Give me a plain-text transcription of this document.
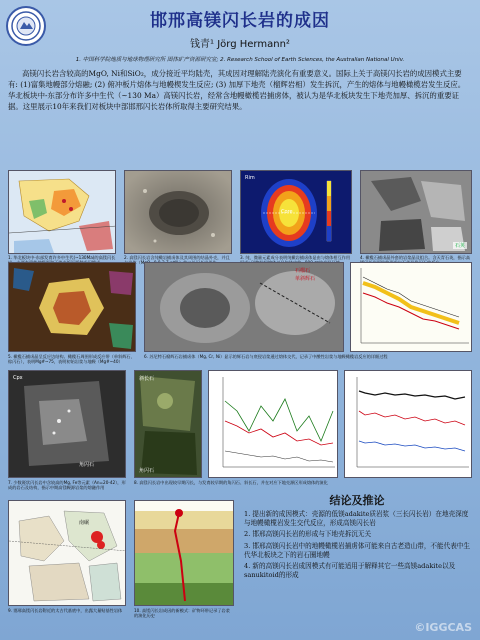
邯邢高镁闪长岩的成因
钱青¹ Jörg Hermann²
1. 中国科学院地质与地球物理研究所 固体矿产资源研究室; 2. Research School of Earth Sciences, the Australian National Univ.
高镁闪长岩含较高的MgO, Ni和SiO₂，成分接近平均陆壳，其成因对理解陆壳演化有重要意义。国际上关于高镁闪长岩的成因模式主要有: (1)富集地幔部分熔融; (2) 俯冲板片熔体与地幔楔发生反应; (3) 加厚下地壳（榴辉岩相）发生拆沉，产生的熔体与地幔橄榄岩发生反应。华北板块中-东部分布许多中生代（~130 Ma）高镁闪长岩，经常含地幔橄榄岩捕虏体，被认为是华北板块发生下地壳加厚、拆沉的重要证据。这里展示10年来我们对板块中部邯邢闪长岩体所取得主要研究结果。
1. 华北板块中-东部发育许多中生代(~130Ma)的高镁闪长 2. 高镁闪长岩含纯橄岩捕虏体及其周围的结晶外壳，并且 体（M
Rim
Core
3. 纯、微量元素成分表明纯橄岩捕虏体是由与熔体相互作用
石英
4. 橄榄石捕虏晶外套的岩浆晶及组合。含天青石英，指示高
5. 橄榄石捕虏晶呈反应边结构。橄榄石周围形成反应带（单斜辉石、棕闪石），表明Mg#~75，表明初始岩浆与地幔（Mg#~40）
石榴石
单斜辉石
6. 苏尼特石榴辉石岩捕虏体（Mg, Cr, Ni）显示的辉石岩与底侵岩浆通过熔体交代，记录了中酸性岩浆与地幔橄榄岩反应的详细过程
Cpx
角闪石
7. 少数斑状闪长岩中含较高的Mg, Fe等元素（An=20-42），形成的岩石及结构，指示中期高镁幔源岩浆的熔融作用
斜长石
角闪石
8. 高镁闪长岩中出现较早期闪长，与发育较早期的角闪石、斜长石，并在对应下地壳源区形成熔体的演化
南碾
9. 邯邢高镁闪长岩附近的太古代基底中，出露大量贴基性岩体	10. 高镁闪长岩成因的新模式：矿物环带记录了岩浆的演化历史
结论及推论

1. 提出新的成因模式：壳源的低镁adakite质岩浆（三长闪长岩）在地壳深度与地幔橄榄岩发生交代反应，形成高镁闪长岩

2. 邯邢高镁闪长岩的形成与下地壳拆沉无关

3. 邯邢高镁闪长岩中的地幔橄榄岩捕虏体可能来自古老造山带，不能代表中生代华北板块之下的岩石圈地幔

4. 新的高镁闪长岩成因模式有可能适用于解释其它一些高镁adakite以及sanukitoid的形成

©IGGCAS
